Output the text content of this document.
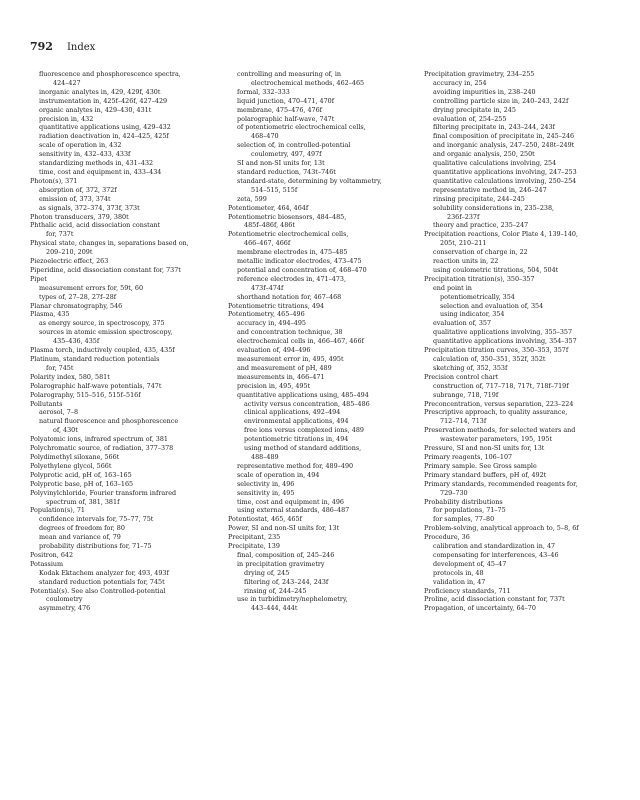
792 Index
fluorescence and phosphorescence spectra,
424–427
inorganic analytes in, 429, 429f, 430t
instrumentation in, 425f–426f, 427–429
organic analytes in, 429–430, 431t
precision in, 432
quantitative applications using, 429–432
radiation deactivation in, 424–425, 425f
scale of operation in, 432
sensitivity in, 432–433, 433f
standardizing methods in, 431–432
time, cost and equipment in, 433–434
Photon(s), 371
absorption of, 372, 372f
emission of, 373, 374t
as signals, 372–374, 373f, 373t
Photon transducers, 379, 380t
Phthalic acid, acid dissociation constant
for, 737t
Physical state, changes in, separations based on,
209–210, 209t
Piezoelectric effect, 263
Piperidine, acid dissociation constant for, 737t
Pipet
measurement errors for, 59t, 60
types of, 27–28, 27f–28f
Planar chromatography, 546
Plasma, 435
as energy source, in spectroscopy, 375
sources in atomic emission spectroscopy,
435–436, 435f
Plasma torch, inductively coupled, 435, 435f
Platinum, standard reduction potentials
for, 745t
Polarity index, 580, 581t
Polarographic half-wave potentials, 747t
Polarography, 515–516, 515f–516f
Pollutants
aerosol, 7–8
natural fluorescence and phosphorescence
of, 430t
Polyatomic ions, infrared spectrum of, 381
Polychromatic source, of radiation, 377–378
Polydimethyl siloxane, 566t
Polyethylene glycol, 566t
Polyprotic acid, pH of, 163–165
Polyprotic base, pH of, 163–165
Polyvinylchloride, Fourier transform infrared
spectrum of, 381, 381f
Population(s), 71
confidence intervals for, 75–77, 75t
degrees of freedom for, 80
mean and variance of, 79
probability distributions for, 71–75
Positron, 642
Potassium
Kodak Ektachem analyzer for, 493, 493f
standard reduction potentials for, 745t
Potential(s). See also Controlled-potential
coulometry
asymmetry, 476
controlling and measuring of, in
electrochemical methods, 462–465
formal, 332–333
liquid junction, 470–471, 470f
membrane, 475–476, 476f
polarographic half-wave, 747t
of potentiometric electrochemical cells,
468–470
selection of, in controlled-potential
coulometry, 497, 497f
SI and non-SI units for, 13t
standard reduction, 743t–746t
standard-state, determining by voltammetry,
514–515, 515f
zeta, 599
Potentiometer, 464, 464f
Potentiometric biosensors, 484–485,
485f–486f, 486t
Potentiometric electrochemical cells,
466–467, 466f
membrane electrodes in, 475–485
metallic indicator electrodes, 473–475
potential and concentration of, 468–470
reference electrodes in, 471–473,
473f–474f
shorthand notation for, 467–468
Potentiometric titrations, 494
Potentiometry, 465–496
accuracy in, 494–495
and concentration technique, 38
electrochemical cells in, 466–467, 466f
evaluation of, 494–496
measurement error in, 495, 495t
and measurement of pH, 489
measurements in, 466–471
precision in, 495, 495t
quantitative applications using, 485–494
activity versus concentration, 485–486
clinical applications, 492–494
environmental applications, 494
free ions versus complexed ions, 489
potentiometric titrations in, 494
using method of standard additions,
488–489
representative method for, 489–490
scale of operation in, 494
selectivity in, 496
sensitivity in, 495
time, cost and equipment in, 496
using external standards, 486–487
Potentiostat, 465, 465f
Power, SI and non-SI units for, 13t
Precipitant, 235
Precipitate, 139
final, composition of, 245–246
in precipitation gravimetry
drying of, 245
filtering of, 243–244, 243f
rinsing of, 244–245
use in turbidimetry/nephelometry,
443–444, 444t
Precipitation gravimetry, 234–255
accuracy in, 254
avoiding impurities in, 238–240
controlling particle size in, 240–243, 242f
drying precipitate in, 245
evaluation of, 254–255
filtering precipitate in, 243–244, 243f
final composition of precipitate in, 245–246
and inorganic analysis, 247–250, 248t–249t
and organic analysis, 250, 250t
qualitative calculations involving, 254
quantitative applications involving, 247–253
quantitative calculations involving, 250–254
representative method in, 246–247
rinsing precipitate, 244–245
solubility considerations in, 235–238,
236f–237f
theory and practice, 235–247
Precipitation reactions, Color Plate 4, 139–140,
205t, 210–211
conservation of charge in, 22
reaction units in, 22
using coulometric titrations, 504, 504t
Precipitation titration(s), 350–357
end point in
potentiometrically, 354
selection and evaluation of, 354
using indicator, 354
evaluation of, 357
qualitative applications involving, 355–357
quantitative applications involving, 354–357
Precipitation titration curves, 350–353, 357f
calculation of, 350–351, 352f, 352t
sketching of, 352, 353f
Precision control chart
construction of, 717–718, 717t, 718f–719f
subrange, 718, 719f
Preconcentration, versus separation, 223–224
Prescriptive approach, to quality assurance,
712–714, 713f
Preservation methods, for selected waters and
wastewater parameters, 195, 195t
Pressure, SI and non-SI units for, 13t
Primary reagents, 106–107
Primary sample. See Gross sample
Primary standard buffers, pH of, 492t
Primary standards, recommended reagents for,
729–730
Probability distributions
for populations, 71–75
for samples, 77–80
Problem-solving, analytical approach to, 5–8, 6f
Procedure, 36
calibration and standardization in, 47
compensating for interferences, 43–46
development of, 45–47
protocols in, 48
validation in, 47
Proficiency standards, 711
Proline, acid dissociation constant for, 737t
Propagation, of uncertainty, 64–70
